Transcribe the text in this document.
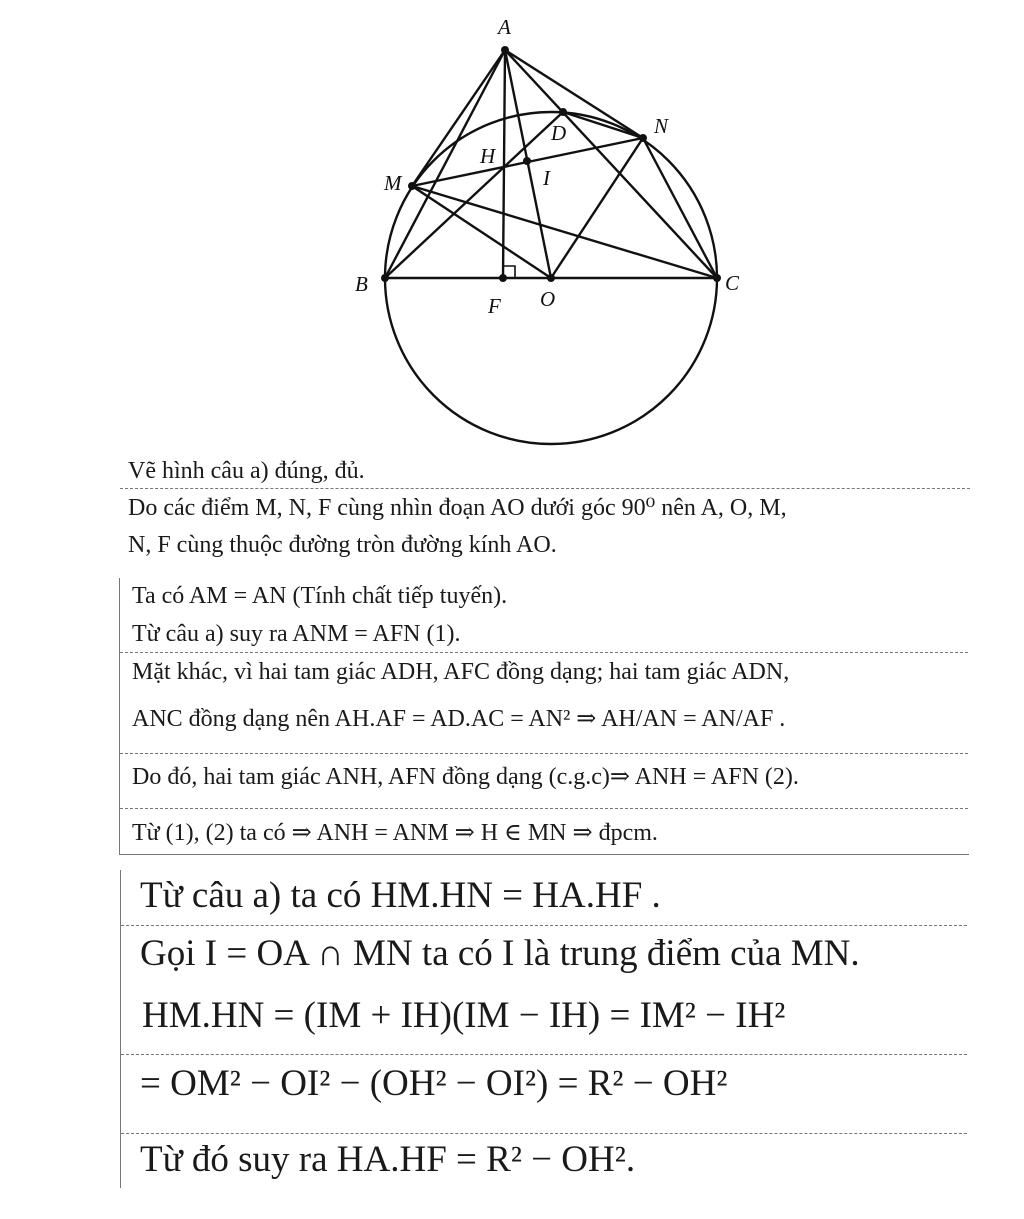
A
D	N
H
I
M
B	C
F O
Vẽ hình câu a) đúng, đủ.
Do các điểm M, N, F cùng nhìn đoạn AO dưới góc 90⁰ nên A, O, M,
N, F cùng thuộc đường tròn đường kính AO.
Ta có AM = AN (Tính chất tiếp tuyến).
Từ câu a) suy ra ANM = AFN (1).
Mặt khác, vì hai tam giác ADH, AFC đồng dạng; hai tam giác ADN,
ANC đồng dạng nên AH.AF = AD.AC = AN² ⇒ AH/AN = AN/AF .
Do đó, hai tam giác ANH, AFN đồng dạng (c.g.c)⇒ ANH = AFN (2).
Từ (1), (2) ta có ⇒ ANH = ANM ⇒ H ∈ MN ⇒ đpcm.
Từ câu a) ta có HM.HN = HA.HF .
Gọi I = OA ∩ MN ta có I là trung điểm của MN.
HM.HN = (IM + IH)(IM − IH) = IM² − IH²
= OM² − OI² − (OH² − OI²) = R² − OH²
Từ đó suy ra HA.HF = R² − OH².
